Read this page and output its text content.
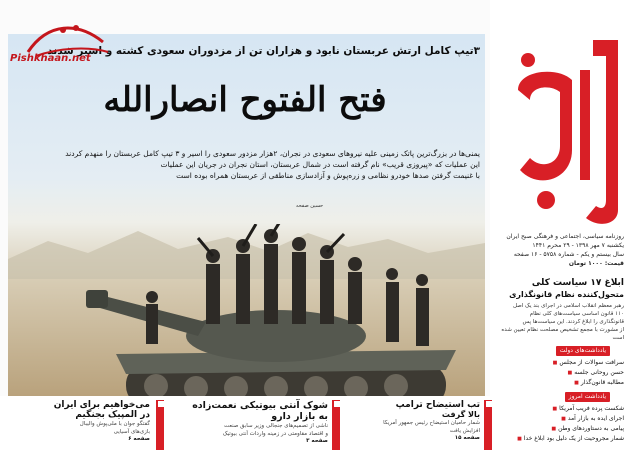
۳تیپ کامل ارتش عربستان نابود و هزاران تن از مزدوران سعودی کشته و اسیر شدند
فتح الفتوح انصارالله
یمنی‌ها در بزرگ‌ترین پاتک زمینی علیه نیروهای سعودی در نجران، ۲هزار مزدور سعودی را اسیر و ۳ تیپ کامل عربستان را منهدم کردند
این عملیات که «پیروزی قریب» نام گرفته است در شمال عربستان، استان نجران در جریان این عملیات
با غنیمت گرفتن صدها خودرو نظامی و زره‌پوش و آزادسازی مناطقی از عربستان همراه بوده است
حسین صفحه
Pishkhaan.net
روزنامه سیاسی، اجتماعی و فرهنگی صبح ایران
یکشنبه ۷ مهر ۱۳۹۸ - ۲۹ محرم ۱۴۴۱
سال بیستم و یکم - شماره ۵۷۵۸ - ۱۶ صفحه
قیمت: ۱۰۰۰ تومان
ابلاغ ۱۷ سیاست کلی
متحول‌کننده نظام قانونگذاری
رهبر معظم انقلاب اسلامی در اجرای بند یک اصل
۱۱۰ قانون اساسی سیاست‌های کلی نظام
قانونگذاری را ابلاغ کردند. این سیاست‌ها پس
از مشورت با مجمع تشخیص مصلحت نظام تعیین شده است
یادداشت‌های دولت
سرافت سوالات از مجلس ■
حسن روحانی جلسه ■
مطالبه قانون‌گذار ■
یادداشت امروز
شکست پرده فریب آمریکا ■
اجرای ایده به بازار آمد ■
پیامی به دستاوردهای وطن ■
شمار مجروحیت از یک دلیل بود ابلاغ خدا ■
تب استیضاح ترامپ
بالا گرفت
شمار حامیان استیضاح رئیس جمهور آمریکا
افزایش یافت
صفحه ۱۵
شوک آنتی بیوتیکی نعمت‌زاده
به بازار دارو
ناشی از تصمیم‌های جنجالی وزیر سابق صنعت
و اقتصاد مقاومتی در زمینه واردات آنتی بیوتیک
صفحه ۳
می‌خواهیم برای ایران
در المپیک بجنگیم
گفتگو جوان با ملی‌پوش والیبال
بازی‌های آسیایی
صفحه ۶
